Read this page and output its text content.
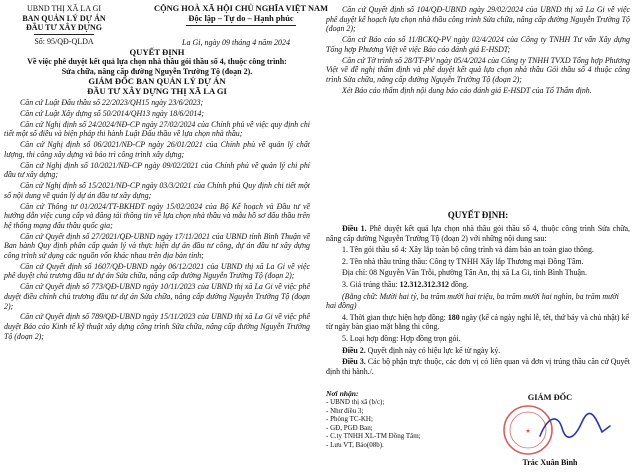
UBND THỊ XÃ LA GI
BAN QUẢN LÝ DỰ ÁN
ĐẦU TƯ XÂY DỰNG
Số: 95/QĐ-QLDA
CỘNG HOÀ XÃ HỘI CHỦ NGHĨA VIỆT NAM
Độc lập – Tự do – Hạnh phúc
La Gi, ngày 09 tháng 4 năm 2024
QUYẾT ĐỊNH
Về việc phê duyệt kết quả lựa chọn nhà thầu gói thầu số 4, thuộc công trình:
Sửa chữa, nâng cấp đường Nguyễn Trường Tộ (đoạn 2).
GIÁM ĐỐC BAN QUẢN LÝ DỰ ÁN
ĐẦU TƯ XÂY DỰNG THỊ XÃ LA GI

Căn cứ Luật Đấu thầu số 22/2023/QH15 ngày 23/6/2023;

Căn cứ Luật Xây dựng số 50/2014/QH13 ngày 18/6/2014;

Căn cứ Nghị định số 24/2024/NĐ-CP ngày 27/02/2024 của Chính phủ về việc quy định chi tiết một số điều và biện pháp thi hành Luật Đấu thầu về lựa chọn nhà thầu;

Căn cứ Nghị định số 06/2021/NĐ-CP ngày 26/01/2021 của Chính phủ về quản lý chất lượng, thi công xây dựng và bảo trì công trình xây dựng;

Căn cứ Nghị định số 10/2021/NĐ-CP ngày 09/02/2021 của Chính phủ về quản lý chi phí đầu tư xây dựng;

Căn cứ Nghị định số 15/2021/NĐ-CP ngày 03/3/2021 của Chính phủ Quy định chi tiết một số nội dung về quản lý dự án đầu tư xây dựng;

Căn cứ Thông tư 01/2024/TT-BKHĐT ngày 15/02/2024 của Bộ Kế hoạch và Đầu tư về hướng dẫn việc cung cấp và đăng tải thông tin về lựa chọn nhà thầu và mẫu hồ sơ đấu thầu trên hệ thống mạng đấu thầu quốc gia;

Căn cứ Quyết định số 27/2021/QĐ-UBND ngày 17/11/2021 của UBND tỉnh Bình Thuận về Ban hành Quy định phân cấp quản lý và thực hiện dự án đầu tư công, dự án đầu tư xây dựng công trình sử dụng các nguồn vốn khác nhau trên địa bàn tỉnh;

Căn cứ Quyết định số 1607/QĐ-UBND ngày 06/12/2021 của UBND thị xã La Gi về việc phê duyệt chủ trương đầu tư dự án Sửa chữa, nâng cấp đường Nguyễn Trường Tộ (đoạn 2);

Căn cứ Quyết định số 773/QĐ-UBND ngày 10/11/2023 của UBND thị xã La Gi về việc phê duyệt điều chỉnh chủ trương đầu tư dự án Sửa chữa, nâng cấp đường Nguyễn Trường Tộ (đoạn 2);

Căn cứ Quyết định số 789/QĐ-UBND ngày 15/11/2023 của UBND thị xã La Gi về việc phê duyệt Báo cáo Kinh tế kỹ thuật xây dựng công trình Sửa chữa, nâng cấp đường Nguyễn Trường Tộ (đoạn 2);

Căn cứ Quyết định số 104/QĐ-UBND ngày 29/02/2024 của UBND thị xã La Gi về việc phê duyệt kế hoạch lựa chọn nhà thầu công trình Sửa chữa, nâng cấp đường Nguyễn Trường Tộ (đoạn 2);

Căn cứ Báo cáo số 11/BCKQ-PV ngày 02/4/2024 của Công ty TNHH Tư vấn Xây dựng Tổng hợp Phương Việt về việc Báo cáo đánh giá E-HSDT;

Căn cứ Tờ trình số 28/TT-PV ngày 05/4/2024 của Công ty TNHH TVXD Tổng hợp Phương Việt về đề nghị thẩm định và phê duyệt kết quả lựa chọn nhà thầu Gói thầu số 4 thuộc công trình Sửa chữa, nâng cấp đường Nguyễn Trường Tộ (đoạn 2);

Xét Báo cáo thẩm định nội dung báo cáo đánh giá E-HSDT của Tổ Thẩm định.

QUYẾT ĐỊNH:

Điều 1. Phê duyệt kết quả lựa chọn nhà thầu gói thầu số 4, thuộc công trình Sửa chữa, nâng cấp đường Nguyễn Trường Tộ (đoạn 2) với những nội dung sau:

1. Tên gói thầu số 4: Xây lắp toàn bộ công trình và đảm bảo an toàn giao thông.

2. Tên nhà thầu trúng thầu: Công ty TNHH Xây lắp Thương mại Đồng Tâm.

Địa chỉ: 08 Nguyễn Văn Trỗi, phường Tân An, thị xã La Gi, tỉnh Bình Thuận.

3. Giá trúng thầu: 12.312.312.312 đồng.

(Bằng chữ: Mười hai tỷ, ba trăm mười hai triệu, ba trăm mười hai nghìn, ba trăm mười hai đồng)

4. Thời gian thực hiện hợp đồng: 180 ngày (kể cả ngày nghỉ lễ, tết, thứ bảy và chủ nhật) kể từ ngày bàn giao mặt bằng thi công.

5. Loại hợp đồng: Hợp đồng trọn gói.

Điều 2. Quyết định này có hiệu lực kể từ ngày ký.

Điều 3. Các bộ phận trực thuộc, các đơn vị có liên quan và đơn vị trúng thầu căn cứ Quyết định thi hành./.

Nơi nhận:
- UBND thị xã (b/c);
- Như điều 3;
- Phòng TC-KH;
- GĐ, PGĐ Ban;
- C.ty TNHH XL-TM Đồng Tâm;
- Lưu VT, Bảo(08b).
GIÁM ĐỐC
★
Trác Xuân Bình
